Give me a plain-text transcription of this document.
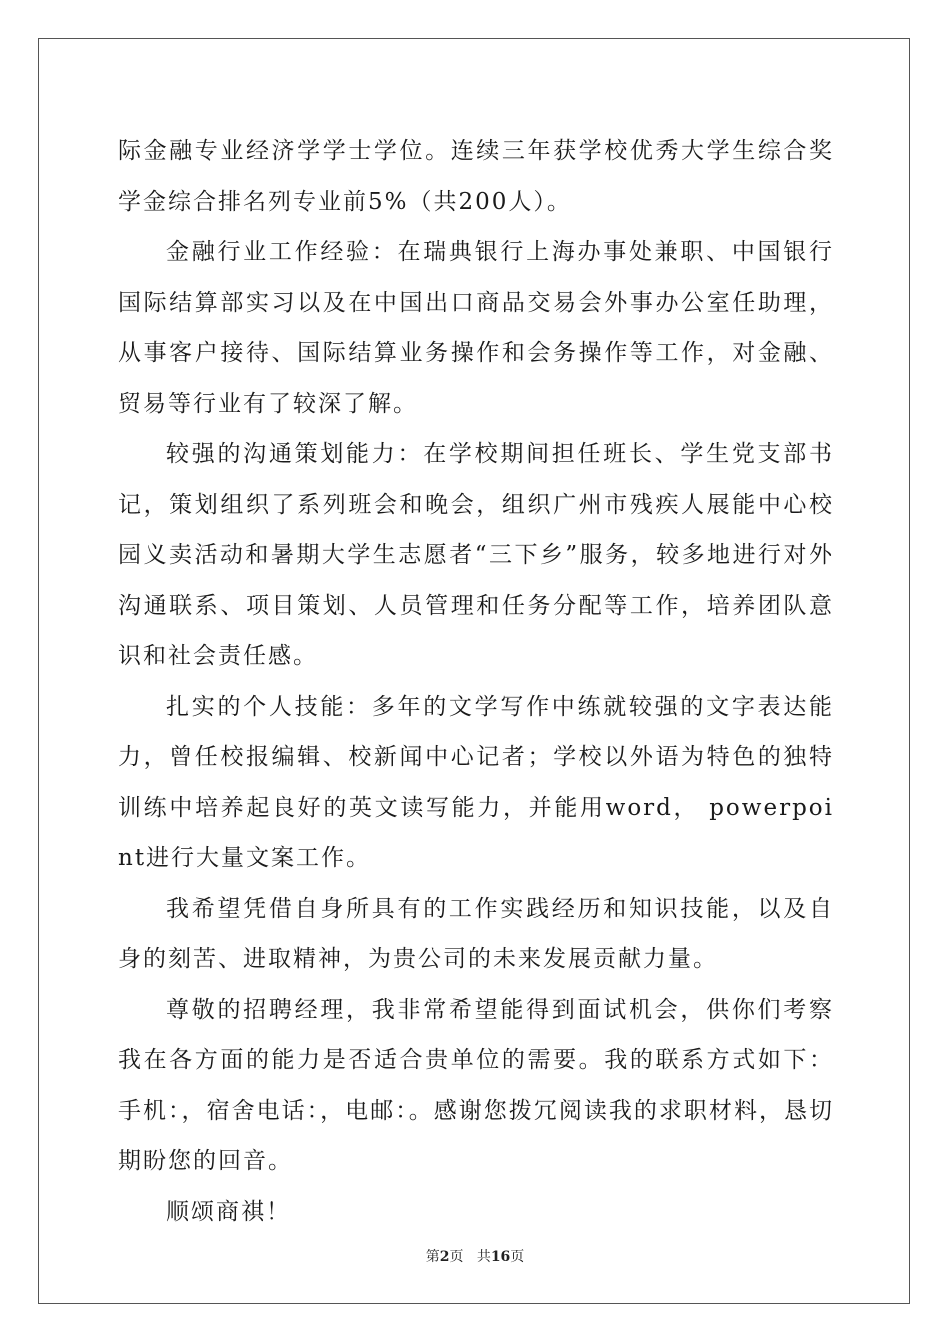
际金融专业经济学学士学位。连续三年获学校优秀大学生综合奖学金综合排名列专业前5%（共200人）。

金融行业工作经验：在瑞典银行上海办事处兼职、中国银行国际结算部实习以及在中国出口商品交易会外事办公室任助理，从事客户接待、国际结算业务操作和会务操作等工作，对金融、贸易等行业有了较深了解。

较强的沟通策划能力：在学校期间担任班长、学生党支部书记，策划组织了系列班会和晚会，组织广州市残疾人展能中心校园义卖活动和暑期大学生志愿者“三下乡”服务，较多地进行对外沟通联系、项目策划、人员管理和任务分配等工作，培养团队意识和社会责任感。

扎实的个人技能：多年的文学写作中练就较强的文字表达能力，曾任校报编辑、校新闻中心记者；学校以外语为特色的独特训练中培养起良好的英文读写能力，并能用word， powerpoint进行大量文案工作。

我希望凭借自身所具有的工作实践经历和知识技能，以及自身的刻苦、进取精神，为贵公司的未来发展贡献力量。

尊敬的招聘经理，我非常希望能得到面试机会，供你们考察我在各方面的能力是否适合贵单位的需要。我的联系方式如下：手机：，宿舍电话：，电邮：。感谢您拨冗阅读我的求职材料，恳切期盼您的回音。

顺颂商祺！

第2页 共16页
